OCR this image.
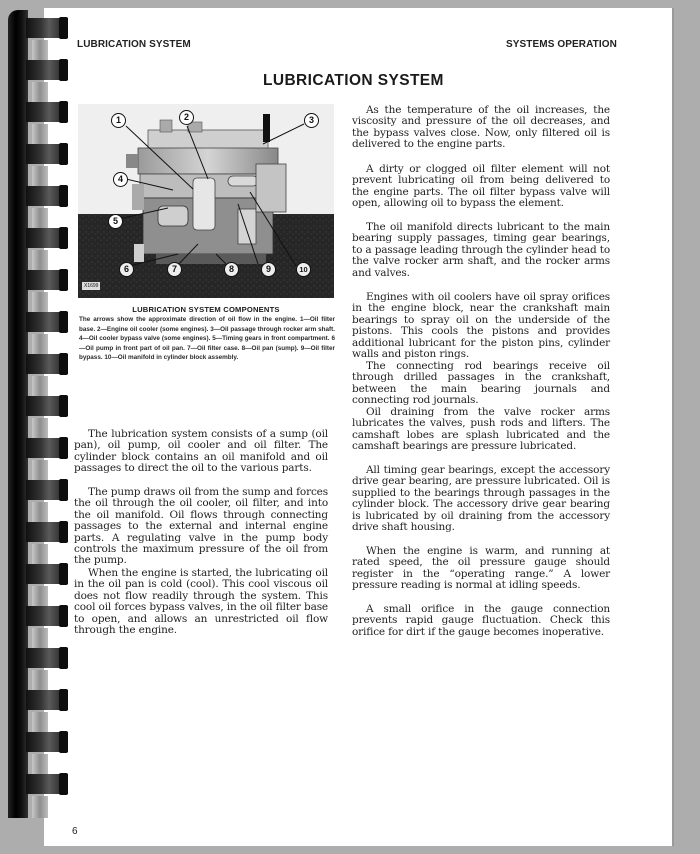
LUBRICATION SYSTEM	SYSTEMS OPERATION
LUBRICATION SYSTEM
1	2	3
4
5
6	7	8	9	10
X1699
LUBRICATION SYSTEM COMPONENTS
The arrows show the approximate direction of oil flow in the engine. 1—Oil filter base. 2—Engine oil cooler (some engines). 3—Oil passage through rocker arm shaft. 4—Oil cooler bypass valve (some engines). 5—Timing gears in front compartment. 6—Oil pump in front part of oil pan. 7—Oil filter case. 8—Oil pan (sump). 9—Oil filter bypass. 10—Oil manifold in cylinder block assembly.
The lubrication system consists of a sump (oil pan), oil pump, oil cooler and oil filter. The cylinder block contains an oil manifold and oil passages to direct the oil to the various parts.
The pump draws oil from the sump and forces the oil through the oil cooler, oil filter, and into the oil manifold. Oil flows through connecting passages to the external and internal engine parts. A regulating valve in the pump body controls the maximum pressure of the oil from the pump.
When the engine is started, the lubricating oil in the oil pan is cold (cool). This cool viscous oil does not flow readily through the system. This cool oil forces bypass valves, in the oil filter base to open, and allows an unrestricted oil flow through the engine.
As the temperature of the oil increases, the viscosity and pressure of the oil decreases, and the bypass valves close. Now, only filtered oil is delivered to the engine parts.
A dirty or clogged oil filter element will not prevent lubricating oil from being delivered to the engine parts. The oil filter bypass valve will open, allowing oil to bypass the element.
The oil manifold directs lubricant to the main bearing supply passages, timing gear bearings, to a passage leading through the cylinder head to the valve rocker arm shaft, and the rocker arms and valves.
Engines with oil coolers have oil spray orifices in the engine block, near the crankshaft main bearings to spray oil on the underside of the pistons. This cools the pistons and provides additional lubricant for the piston pins, cylinder walls and piston rings.
The connecting rod bearings receive oil through drilled passages in the crankshaft, between the main bearing journals and connecting rod journals.
Oil draining from the valve rocker arms lubricates the valves, push rods and lifters. The camshaft lobes are splash lubricated and the camshaft bearings are pressure lubricated.
All timing gear bearings, except the accessory drive gear bearing, are pressure lubricated. Oil is supplied to the bearings through passages in the cylinder block. The accessory drive gear bearing is lubricated by oil draining from the accessory drive shaft housing.
When the engine is warm, and running at rated speed, the oil pressure gauge should register in the “operating range.” A lower pressure reading is normal at idling speeds.
A small orifice in the gauge connection prevents rapid gauge fluctuation. Check this orifice for dirt if the gauge becomes inoperative.
6
